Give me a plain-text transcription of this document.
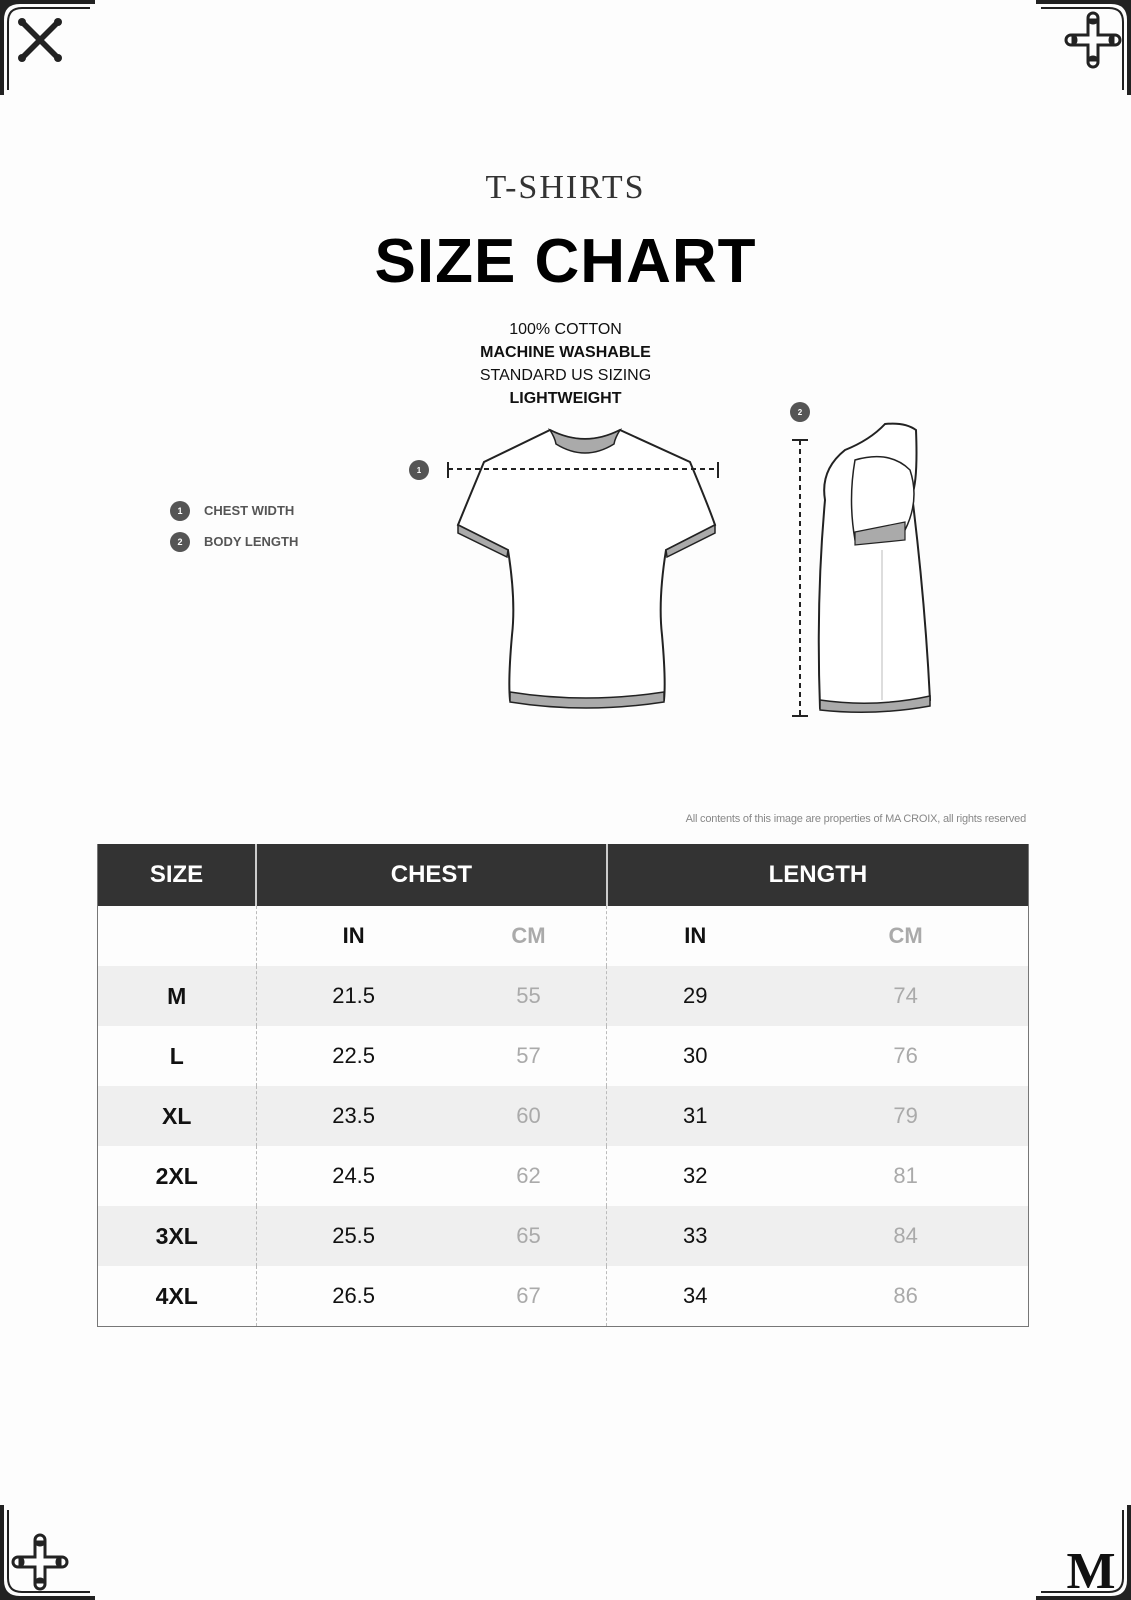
M
T-SHIRTS
SIZE CHART
100% COTTON
MACHINE WASHABLE
STANDARD US SIZING
LIGHTWEIGHT
1	CHEST WIDTH
2	BODY LENGTH
1
2
All contents of this image are properties of MA CROIX, all rights reserved
SIZE	CHEST		LENGTH	
	IN	CM	IN	CM
M	21.5	55	29	74
L	22.5	57	30	76
XL	23.5	60	31	79
2XL	24.5	62	32	81
3XL	25.5	65	33	84
4XL	26.5	67	34	86
